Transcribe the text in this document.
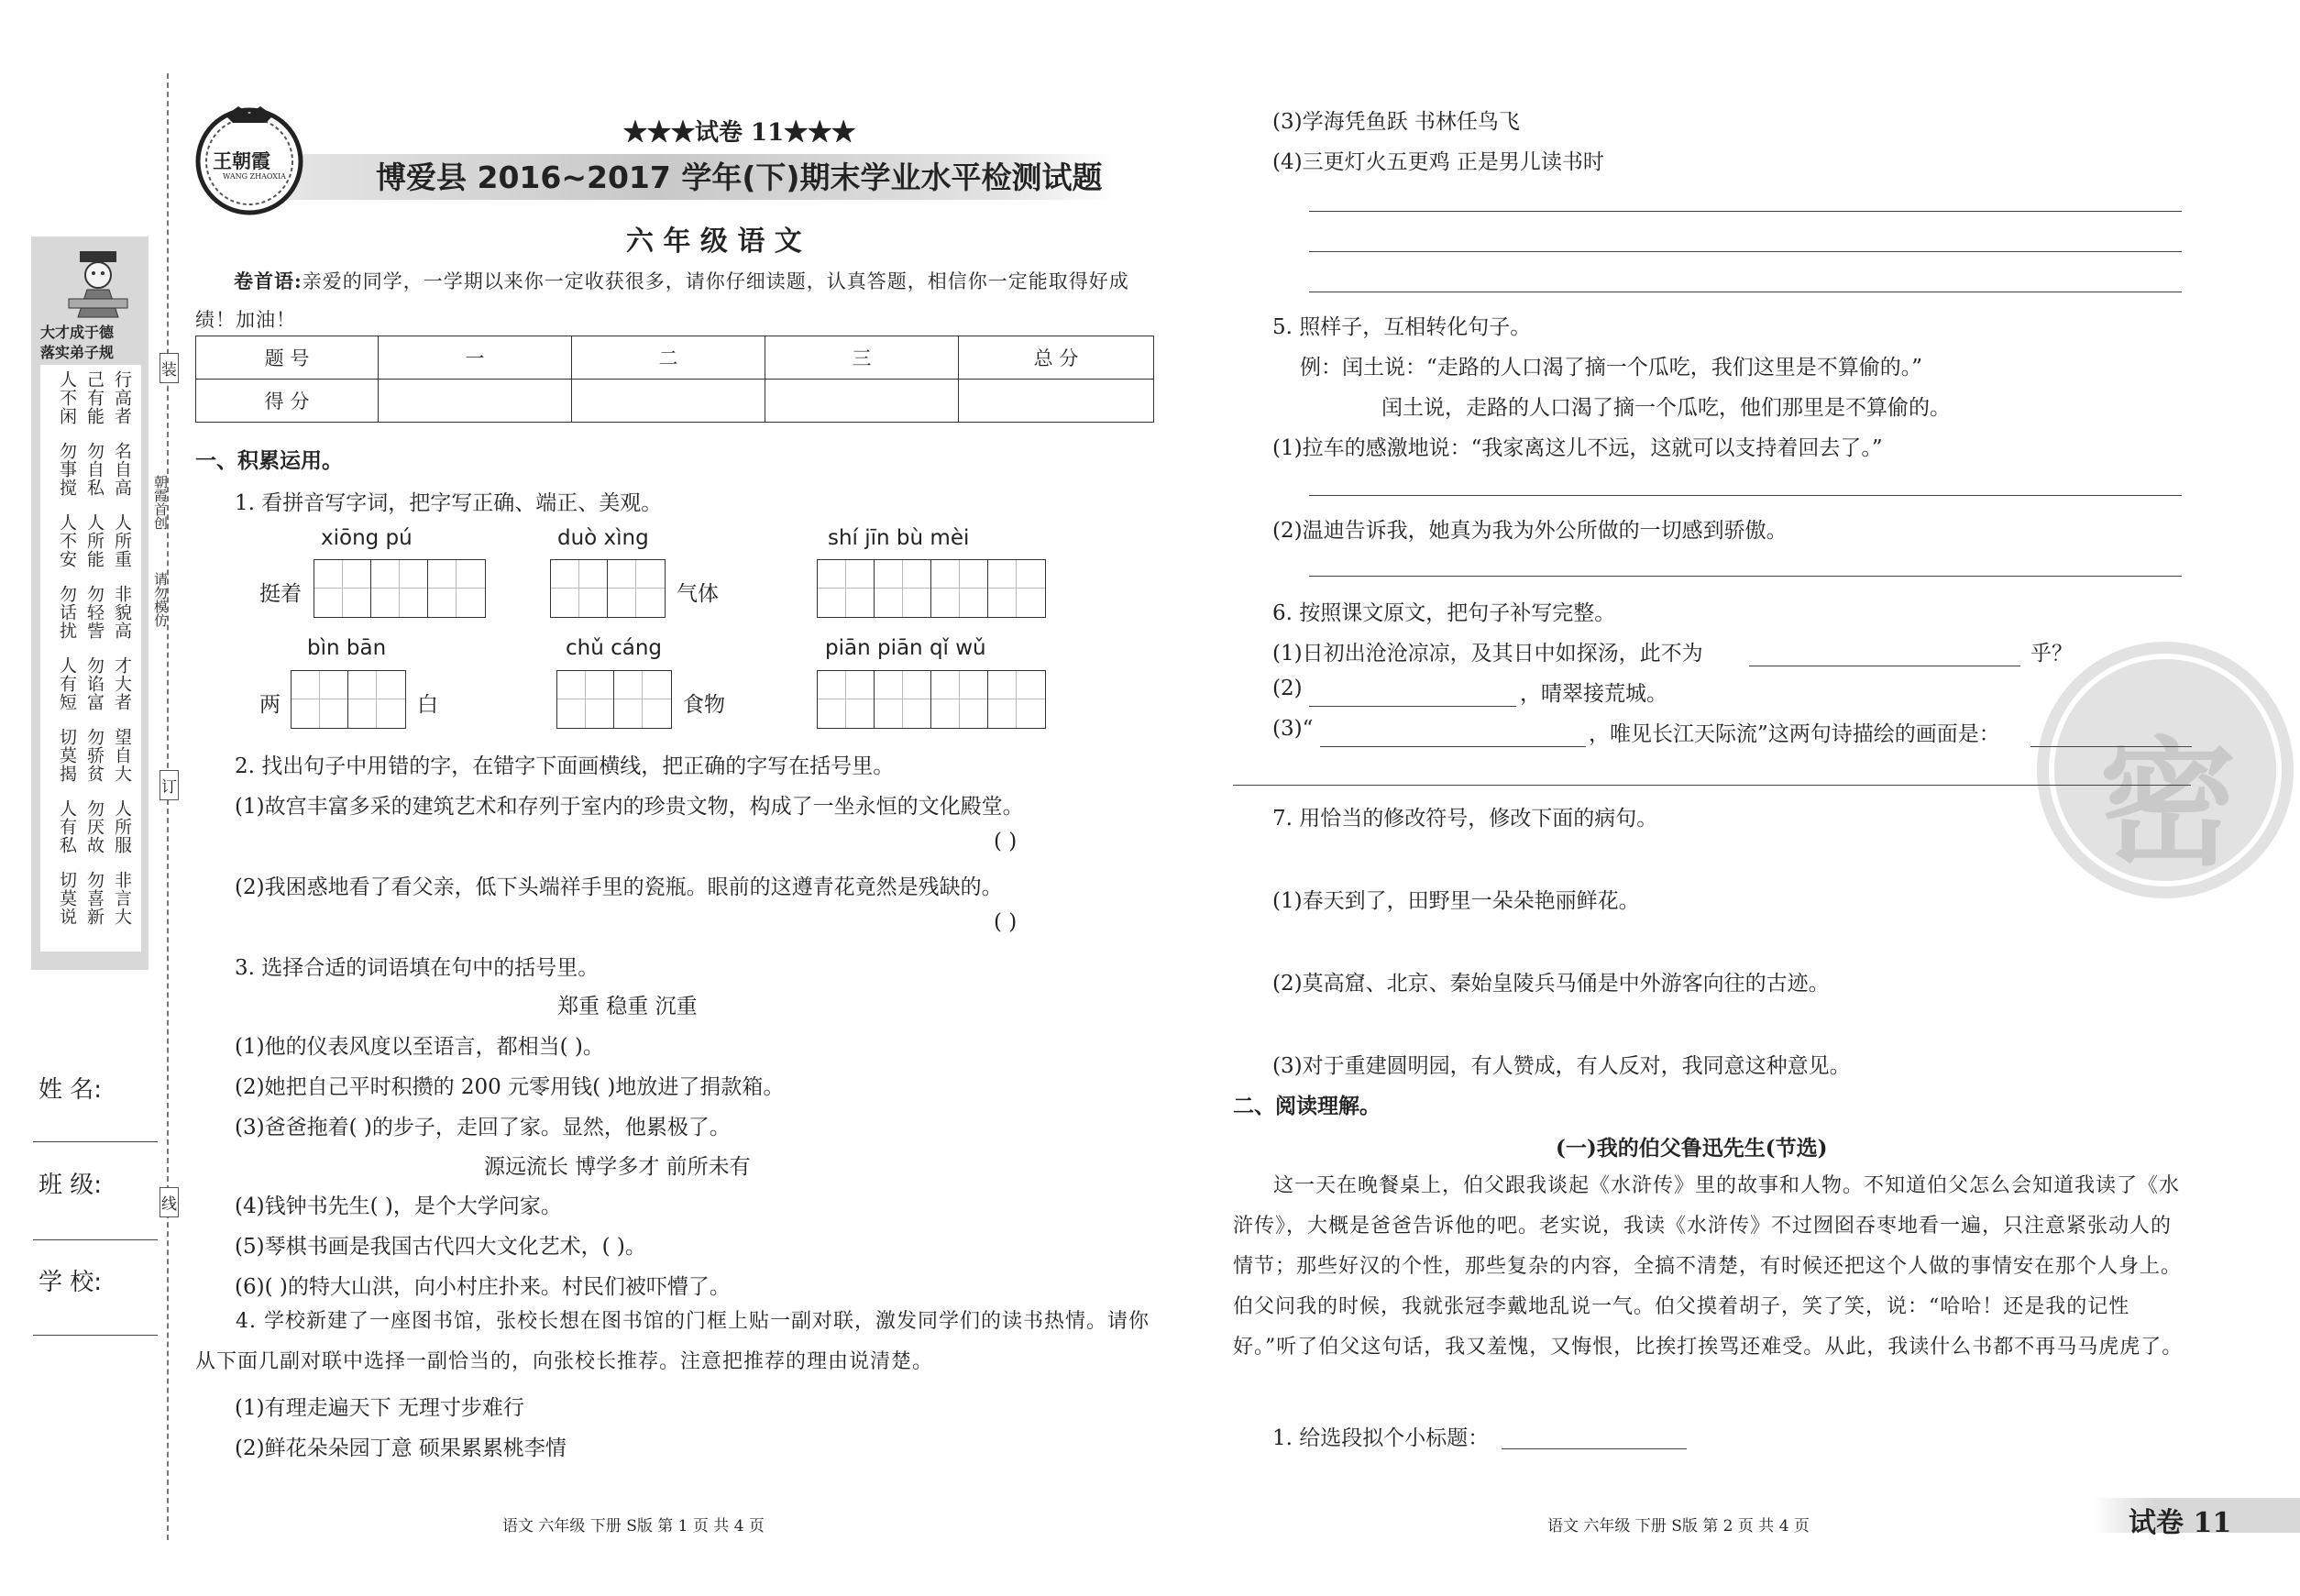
装
订
线
大才成于德
落实弟子规
人不闲 己有能 行高者
勿事搅 勿自私 名自高
人不安 人所能 人所重
勿话扰 勿轻訾 非貌高
人有短 勿谄富 才大者
切莫揭 勿骄贫 望自大
人有私 勿厌故 人所服
切莫说 勿喜新 非言大
朝霞首创
请勿模仿
姓 名:
班 级:
学 校:
王朝霞
WANG ZHAOXIA
★★★试卷 11★★★
博爱县 2016~2017 学年(下)期末学业水平检测试题
六 年 级 语 文
卷首语:亲爱的同学，一学期以来你一定收获很多，请你仔细读题，认真答题，相信你一定能取得好成绩！加油！
题 号	一	二	三	总 分
得 分				
一、积累运用。
1. 看拼音写字词，把字写正确、端正、美观。
xiōng pú
挺着
duò xìng
气体
shí jīn bù mèi
bìn bān
两	白
chǔ cáng
食物
piān piān qǐ wǔ
2. 找出句子中用错的字，在错字下面画横线，把正确的字写在括号里。
(1)故宫丰富多采的建筑艺术和存列于室内的珍贵文物，构成了一坐永恒的文化殿堂。
( )
(2)我困惑地看了看父亲，低下头端祥手里的瓷瓶。眼前的这遵青花竟然是残缺的。
( )
3. 选择合适的词语填在句中的括号里。
郑重 稳重 沉重
(1)他的仪表风度以至语言，都相当( )。
(2)她把自己平时积攒的 200 元零用钱( )地放进了捐款箱。
(3)爸爸拖着( )的步子，走回了家。显然，他累极了。
源远流长 博学多才 前所未有
(4)钱钟书先生( )，是个大学问家。
(5)琴棋书画是我国古代四大文化艺术，( )。
(6)( )的特大山洪，向小村庄扑来。村民们被吓懵了。
4. 学校新建了一座图书馆，张校长想在图书馆的门框上贴一副对联，激发同学们的读书热情。请你从下面几副对联中选择一副恰当的，向张校长推荐。注意把推荐的理由说清楚。
(1)有理走遍天下 无理寸步难行
(2)鲜花朵朵园丁意 硕果累累桃李情
语文 六年级 下册 S版 第 1 页 共 4 页
密
(3)学海凭鱼跃 书林任鸟飞
(4)三更灯火五更鸡 正是男儿读书时
5. 照样子，互相转化句子。
例：闰土说：“走路的人口渴了摘一个瓜吃，我们这里是不算偷的。”
闰土说，走路的人口渴了摘一个瓜吃，他们那里是不算偷的。
(1)拉车的感激地说：“我家离这儿不远，这就可以支持着回去了。”
(2)温迪告诉我，她真为我为外公所做的一切感到骄傲。
6. 按照课文原文，把句子补写完整。
(1)日初出沧沧凉凉，及其日中如探汤，此不为	乎？
(2)	，晴翠接荒城。
(3)“	，唯见长江天际流”这两句诗描绘的画面是：
7. 用恰当的修改符号，修改下面的病句。
(1)春天到了，田野里一朵朵艳丽鲜花。
(2)莫高窟、北京、秦始皇陵兵马俑是中外游客向往的古迹。
(3)对于重建圆明园，有人赞成，有人反对，我同意这种意见。
二、阅读理解。
(一)我的伯父鲁迅先生(节选)
这一天在晚餐桌上，伯父跟我谈起《水浒传》里的故事和人物。不知道伯父怎么会知道我读了《水浒传》，大概是爸爸告诉他的吧。老实说，我读《水浒传》不过囫囵吞枣地看一遍，只注意紧张动人的情节；那些好汉的个性，那些复杂的内容，全搞不清楚，有时候还把这个人做的事情安在那个人身上。伯父问我的时候，我就张冠李戴地乱说一气。伯父摸着胡子，笑了笑，说：“哈哈！还是我的记性好。”听了伯父这句话，我又羞愧，又悔恨，比挨打挨骂还难受。从此，我读什么书都不再马马虎虎了。
1. 给选段拟个小标题：
语文 六年级 下册 S版 第 2 页 共 4 页	试卷 11
